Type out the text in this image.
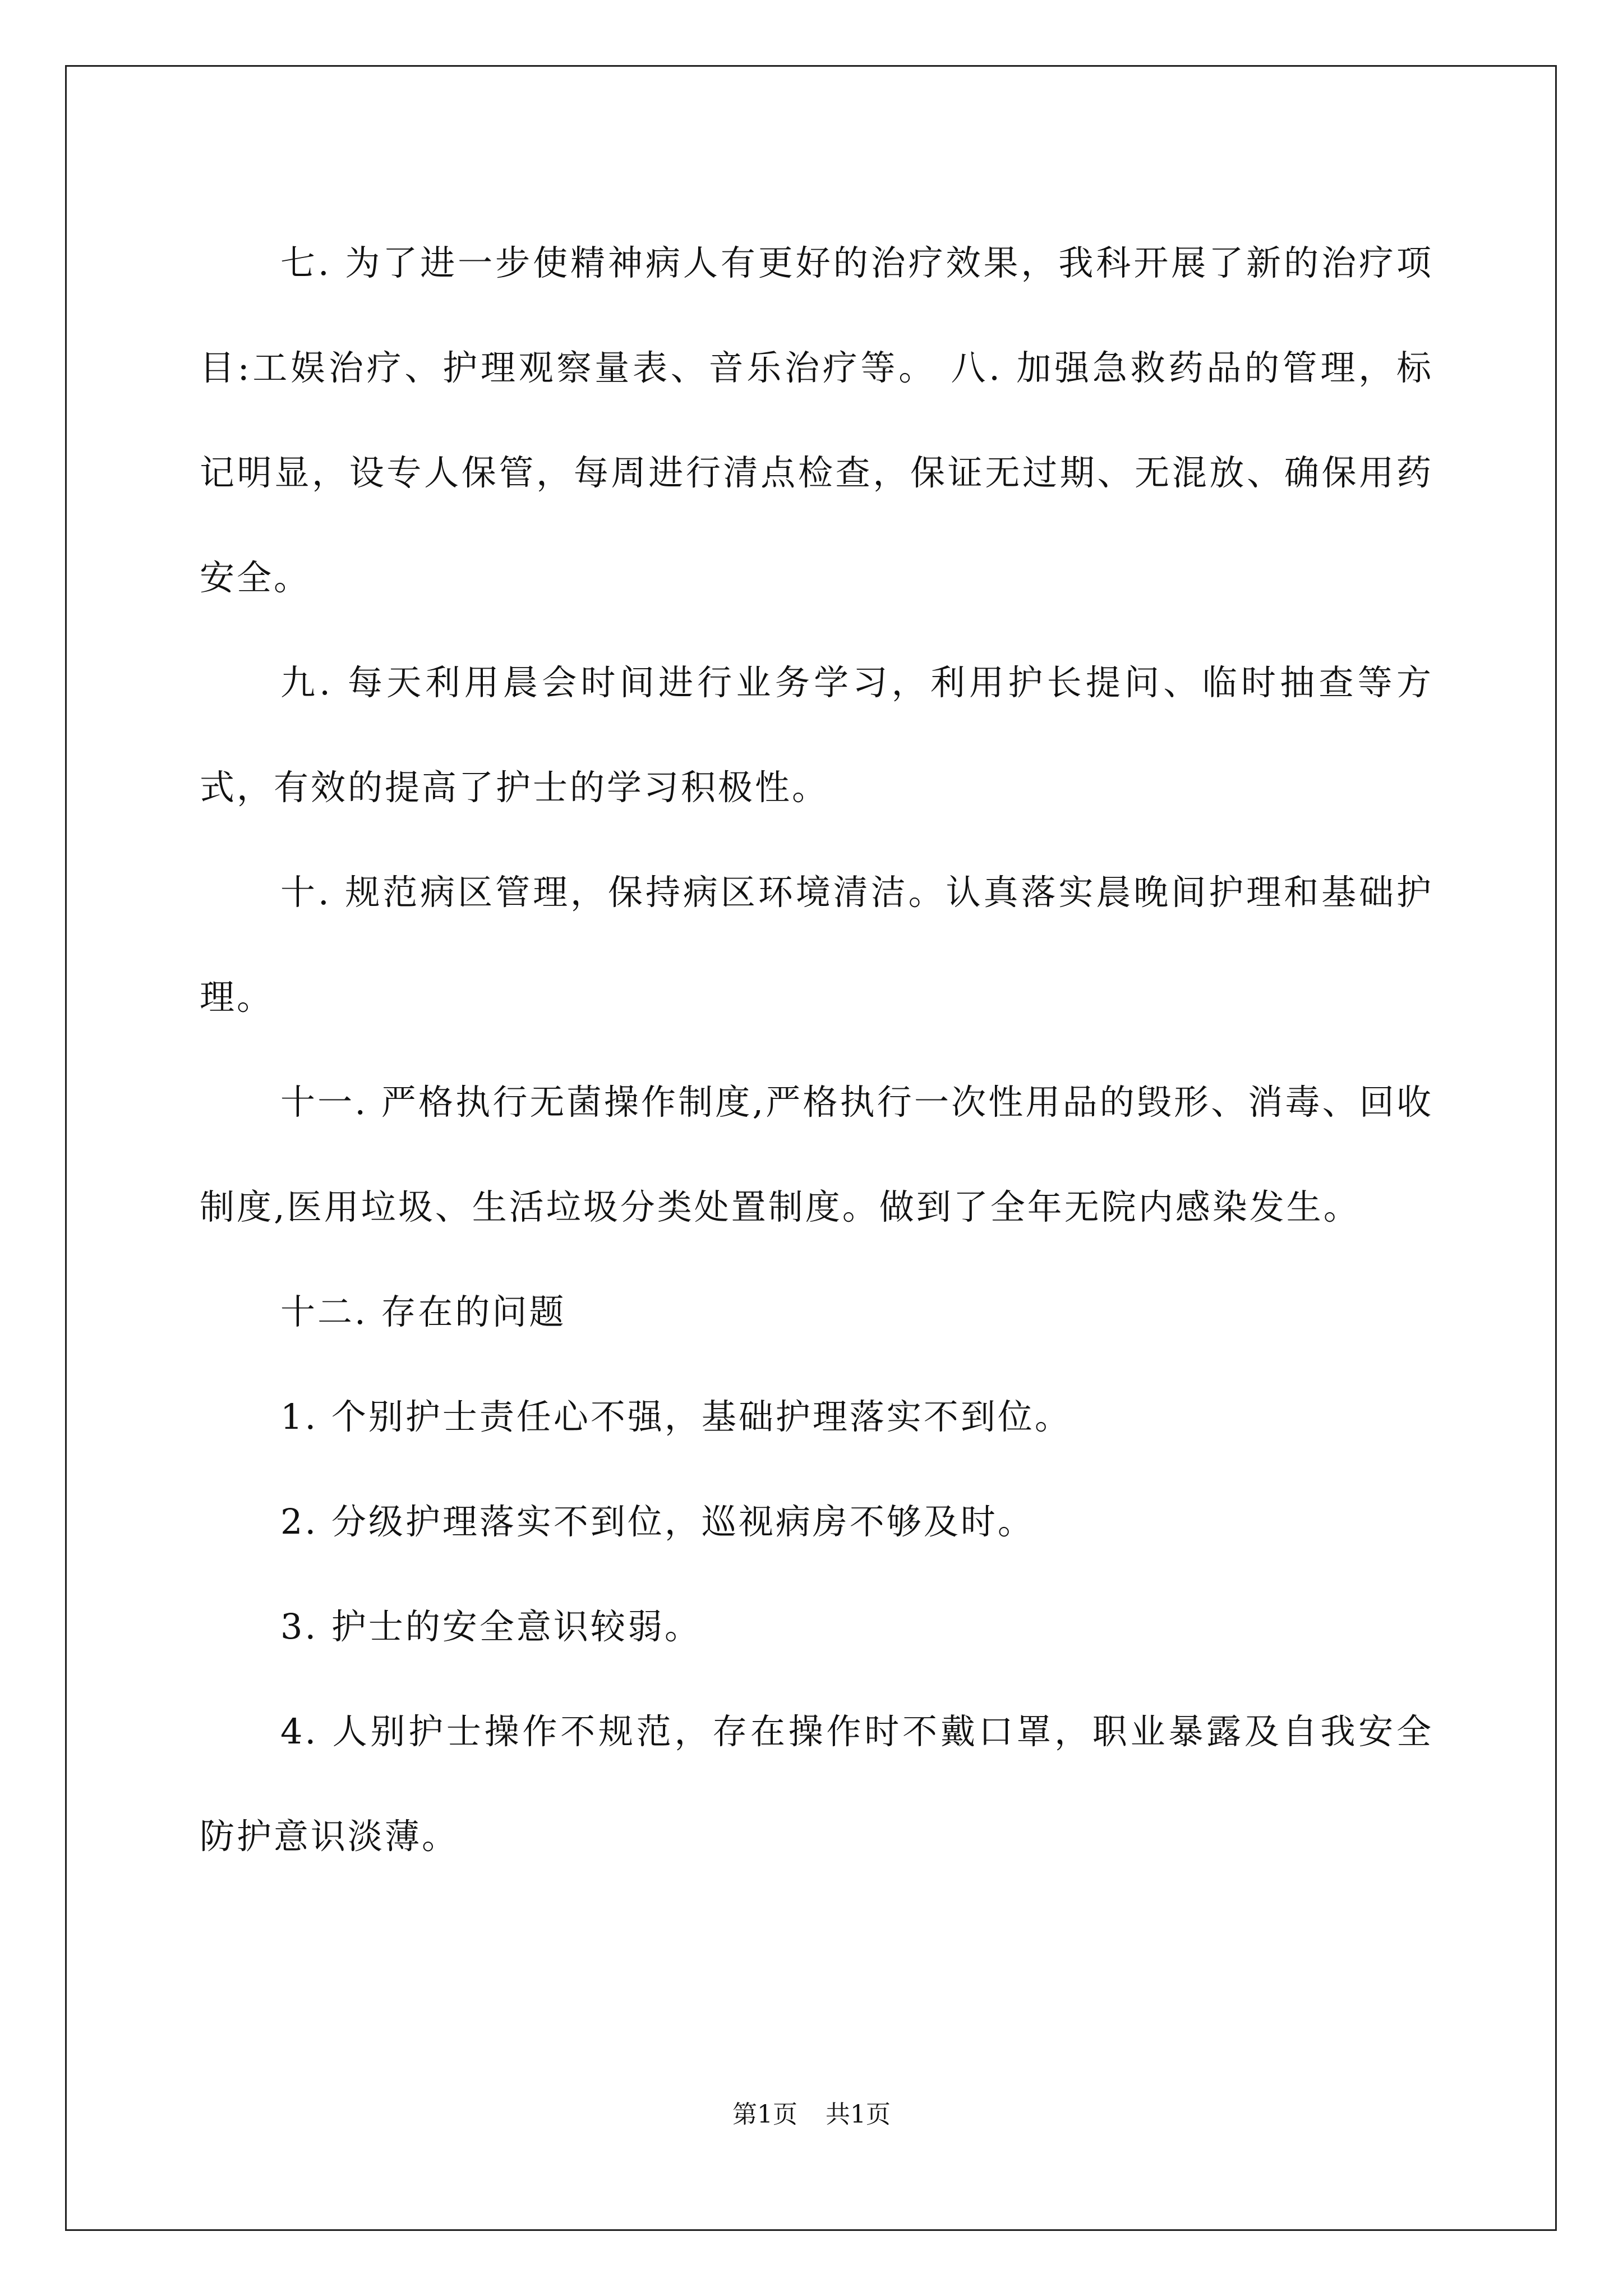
七. 为了进一步使精神病人有更好的治疗效果，我科开展了新的治疗项目:工娱治疗、护理观察量表、音乐治疗等。 八. 加强急救药品的管理，标记明显，设专人保管，每周进行清点检查，保证无过期、无混放、确保用药安全。

九. 每天利用晨会时间进行业务学习，利用护长提问、临时抽查等方式，有效的提高了护士的学习积极性。

十. 规范病区管理，保持病区环境清洁。认真落实晨晚间护理和基础护理。

十一. 严格执行无菌操作制度,严格执行一次性用品的毁形、消毒、回收制度,医用垃圾、生活垃圾分类处置制度。做到了全年无院内感染发生。

十二. 存在的问题

1. 个别护士责任心不强，基础护理落实不到位。

2. 分级护理落实不到位，巡视病房不够及时。

3. 护士的安全意识较弱。

4. 人别护士操作不规范，存在操作时不戴口罩，职业暴露及自我安全防护意识淡薄。

第1页 共1页
